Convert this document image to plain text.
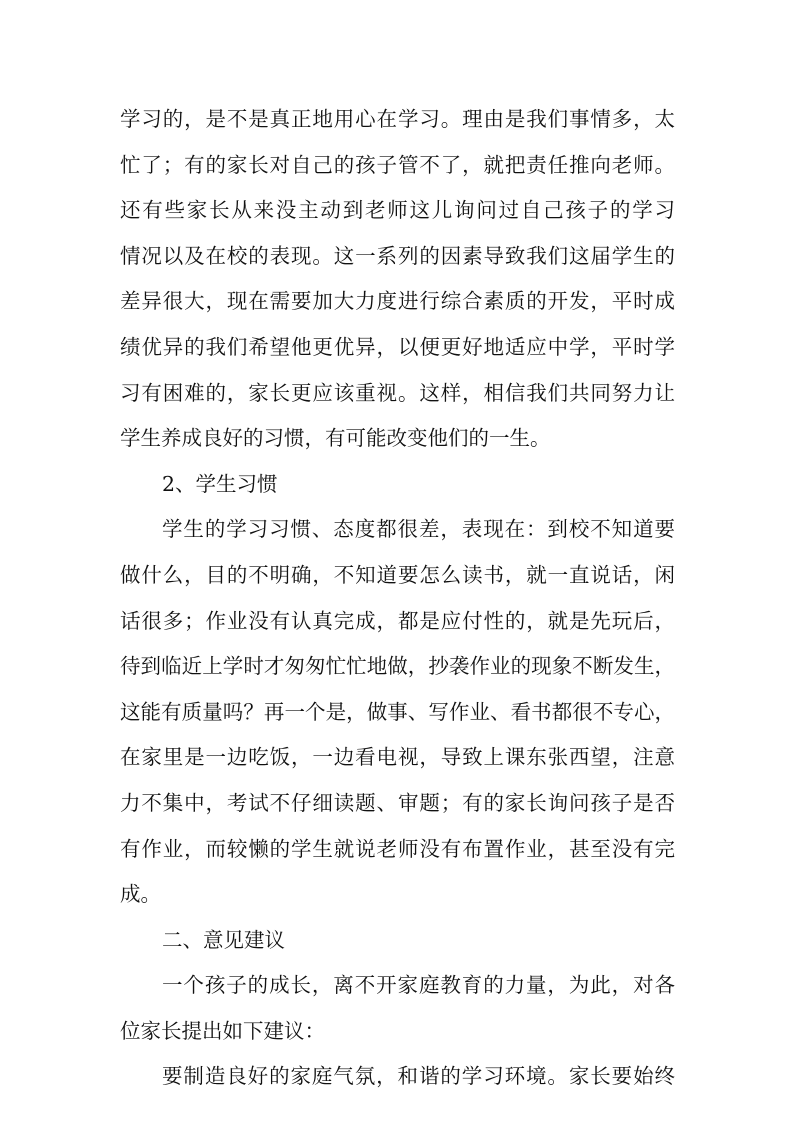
学习的，是不是真正地用心在学习。理由是我们事情多，太
忙了；有的家长对自己的孩子管不了，就把责任推向老师。
还有些家长从来没主动到老师这儿询问过自己孩子的学习
情况以及在校的表现。这一系列的因素导致我们这届学生的
差异很大，现在需要加大力度进行综合素质的开发，平时成
绩优异的我们希望他更优异，以便更好地适应中学，平时学
习有困难的，家长更应该重视。这样，相信我们共同努力让
学生养成良好的习惯，有可能改变他们的一生。
2、学生习惯
学生的学习习惯、态度都很差，表现在：到校不知道要
做什么，目的不明确，不知道要怎么读书，就一直说话，闲
话很多；作业没有认真完成，都是应付性的，就是先玩后，
待到临近上学时才匆匆忙忙地做，抄袭作业的现象不断发生，
这能有质量吗？再一个是，做事、写作业、看书都很不专心，
在家里是一边吃饭，一边看电视，导致上课东张西望，注意
力不集中，考试不仔细读题、审题；有的家长询问孩子是否
有作业，而较懒的学生就说老师没有布置作业，甚至没有完
成。
二、意见建议
一个孩子的成长，离不开家庭教育的力量，为此，对各
位家长提出如下建议：
要制造良好的家庭气氛，和谐的学习环境。家长要始终
